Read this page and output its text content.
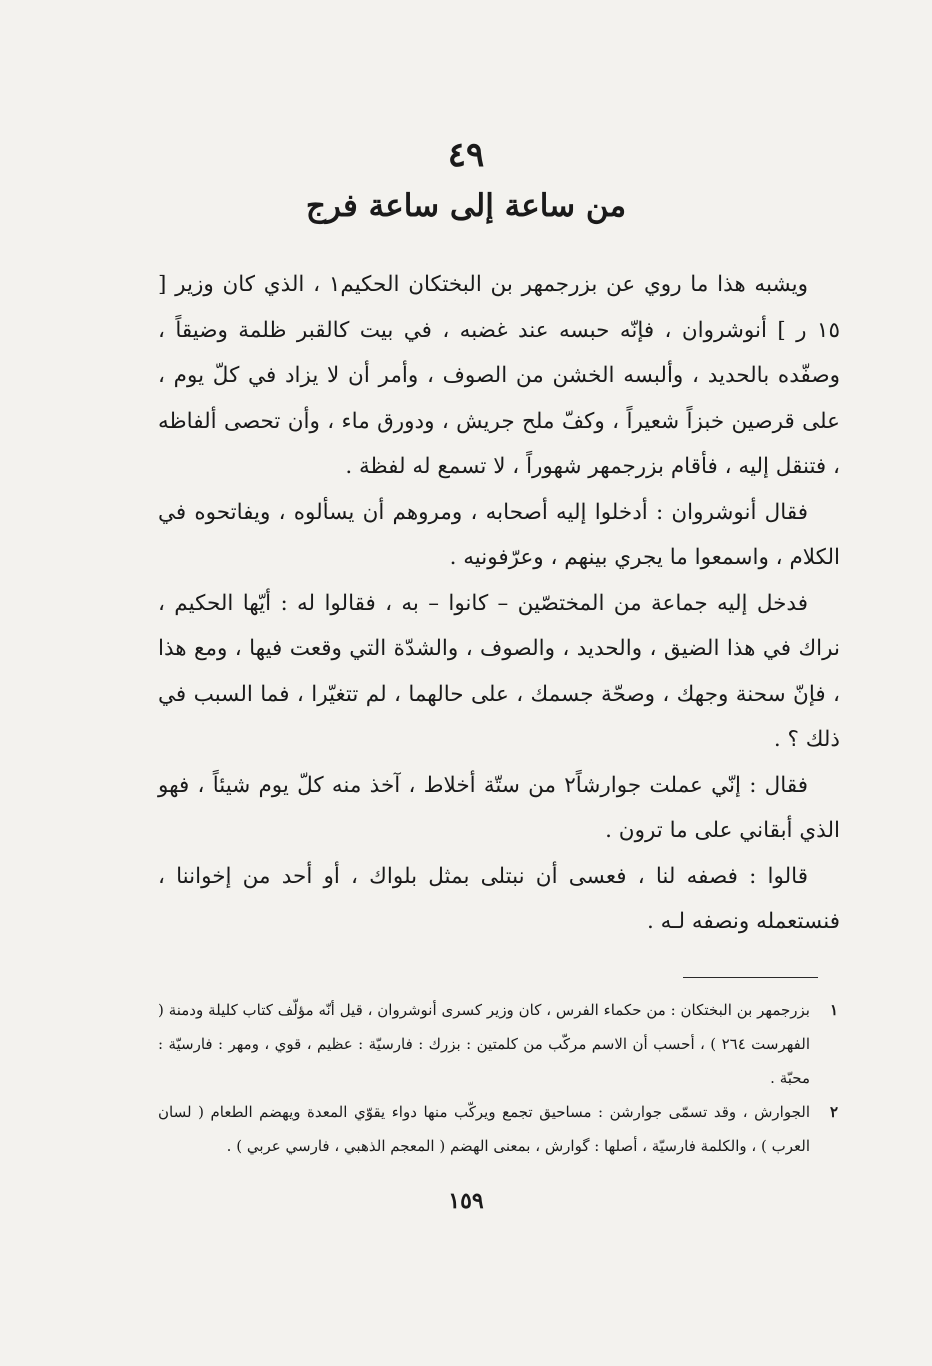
٤٩
من ساعة إلى ساعة فرج

ويشبه هذا ما روي عن بزرجمهر بن البختكان الحكيم١ ، الذي كان وزير [ ١٥ ر ] أنوشروان ، فإنّه حبسه عند غضبه ، في بيت كالقبر ظلمة وضيقاً ، وصفّده بالحديد ، وألبسه الخشن من الصوف ، وأمر أن لا يزاد في كلّ يوم ، على قرصين خبزاً شعيراً ، وكفّ ملح جريش ، ودورق ماء ، وأن تحصى ألفاظه ، فتنقل إليه ، فأقام بزرجمهر شهوراً ، لا تسمع له لفظة .

فقال أنوشروان : أدخلوا إليه أصحابه ، ومروهم أن يسألوه ، ويفاتحوه في الكلام ، واسمعوا ما يجري بينهم ، وعرّفونيه .

فدخل إليه جماعة من المختصّين – كانوا – به ، فقالوا له : أيّها الحكيم ، نراك في هذا الضيق ، والحديد ، والصوف ، والشدّة التي وقعت فيها ، ومع هذا ، فإنّ سحنة وجهك ، وصحّة جسمك ، على حالهما ، لم تتغيّرا ، فما السبب في ذلك ؟ .

فقال : إنّي عملت جوارشاً٢ من ستّة أخلاط ، آخذ منه كلّ يوم شيئاً ، فهو الذي أبقاني على ما ترون .

قالوا : فصفه لنا ، فعسى أن نبتلى بمثل بلواك ، أو أحد من إخواننا ، فنستعمله ونصفه لـه .

١
بزرجمهر بن البختكان : من حكماء الفرس ، كان وزير كسرى أنوشروان ، قيل أنّه مؤلّف كتاب كليلة ودمنة ( الفهرست ٢٦٤ ) ، أحسب أن الاسم مركّب من كلمتين : بزرك : فارسيّة : عظيم ، قوي ، ومهر : فارسيّة : محبّة .
٢
الجوارش ، وقد تسمّى جوارشن : مساحيق تجمع ويركّب منها دواء يقوّي المعدة ويهضم الطعام ( لسان العرب ) ، والكلمة فارسيّة ، أصلها : گوارش ، بمعنى الهضم ( المعجم الذهبي ، فارسي عربي ) .
١٥٩
